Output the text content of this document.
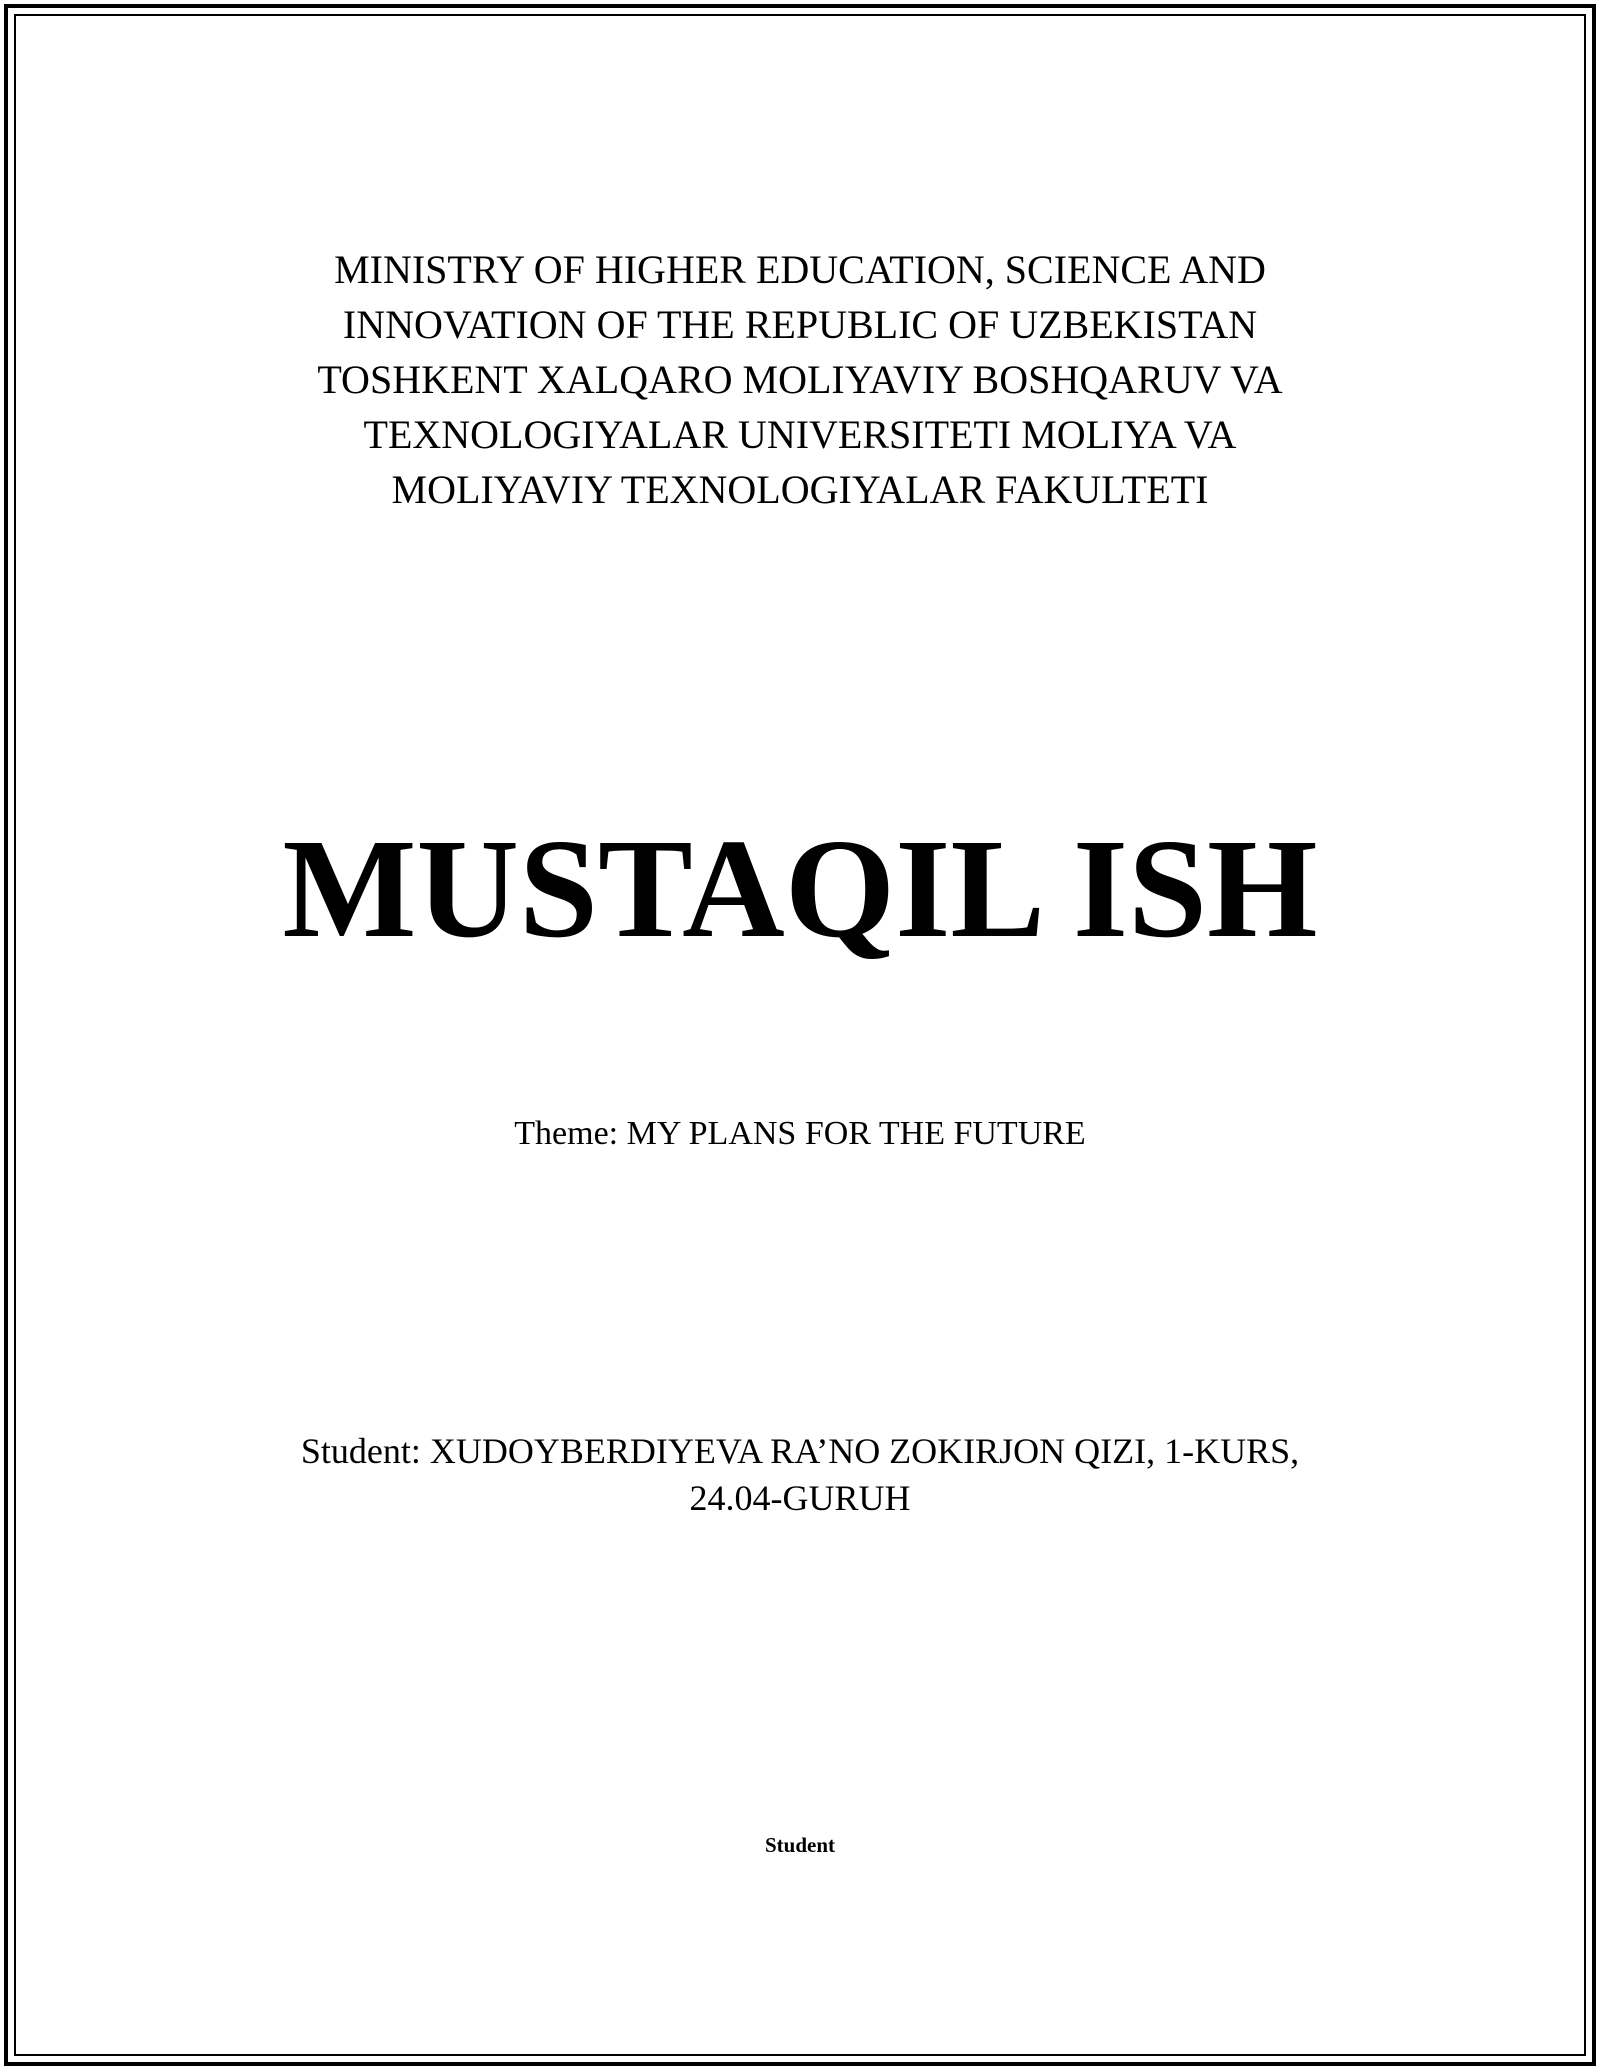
MINISTRY OF HIGHER EDUCATION, SCIENCE AND
INNOVATION OF THE REPUBLIC OF UZBEKISTAN
TOSHKENT XALQARO MOLIYAVIY BOSHQARUV VA
TEXNOLOGIYALAR UNIVERSITETI MOLIYA VA
MOLIYAVIY TEXNOLOGIYALAR FAKULTETI
MUSTAQIL ISH
Theme: MY PLANS FOR THE FUTURE
Student: XUDOYBERDIYEVA RA’NO ZOKIRJON QIZI, 1-KURS,
24.04-GURUH
Student
